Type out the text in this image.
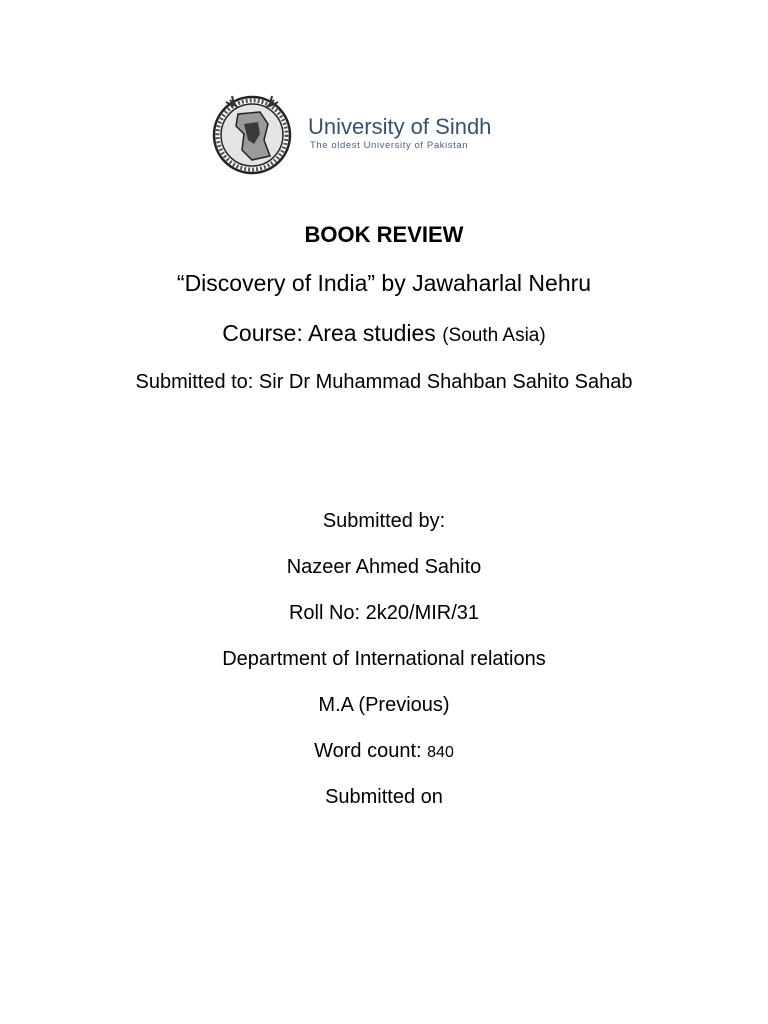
University of Sindh
The oldest University of Pakistan
BOOK REVIEW
“Discovery of India” by Jawaharlal Nehru
Course: Area studies (South Asia)
Submitted to: Sir Dr Muhammad Shahban Sahito Sahab
Submitted by:
Nazeer Ahmed Sahito
Roll No: 2k20/MIR/31
Department of International relations
M.A (Previous)
Word count: 840
Submitted on
